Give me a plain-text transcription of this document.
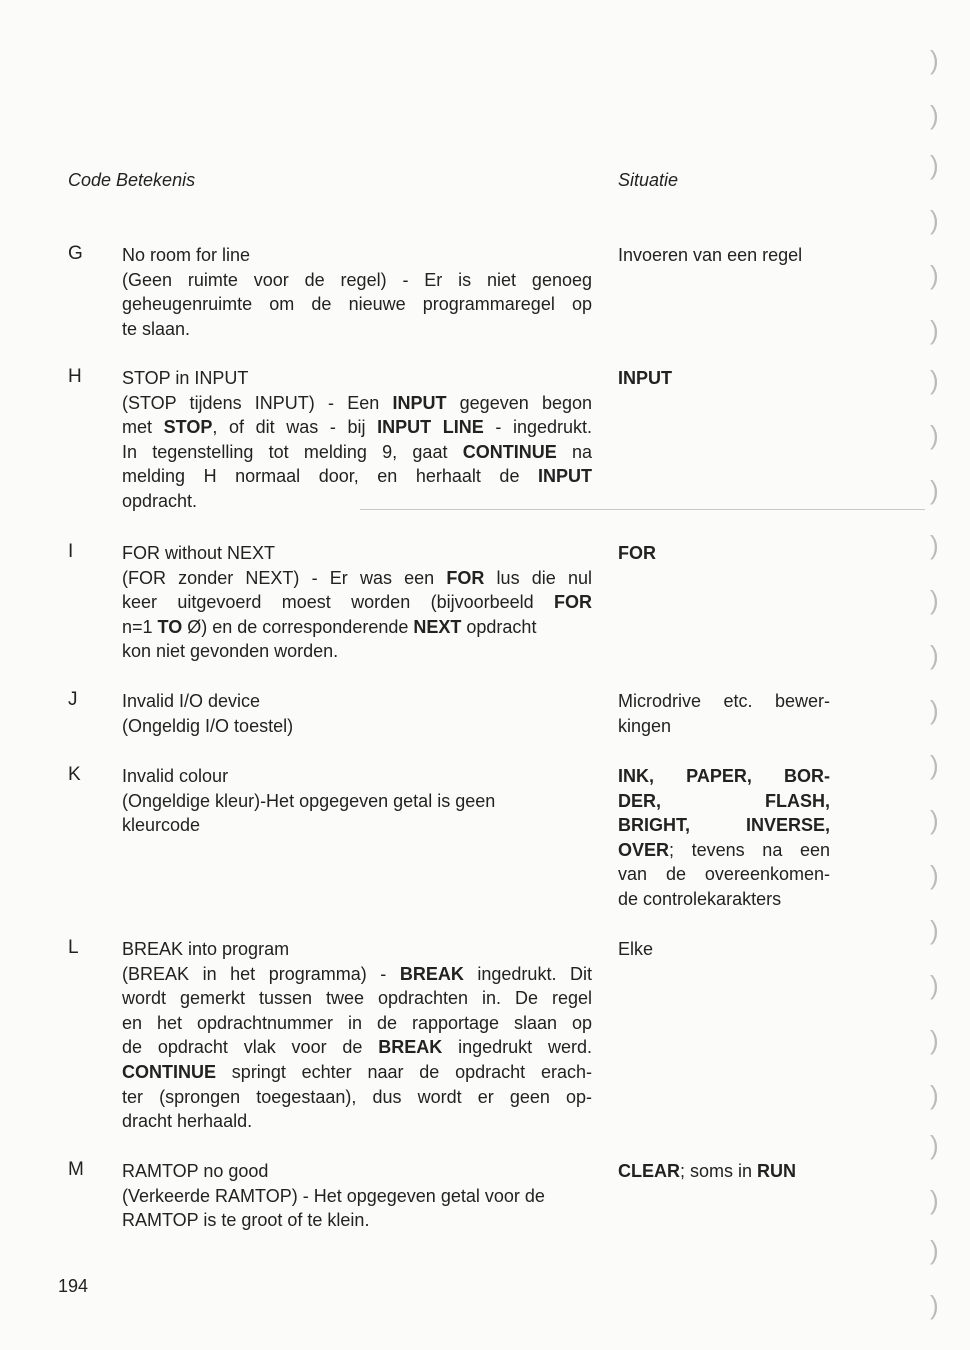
Code Betekenis	Situatie
G No room for line
(Geen ruimte voor de regel) - Er is niet genoeg
geheugenruimte om de nieuwe programmaregel op
te slaan.
Invoeren van een regel
H STOP in INPUT
(STOP tijdens INPUT) - Een INPUT gegeven begon
met STOP, of dit was - bij INPUT LINE - ingedrukt.
In tegenstelling tot melding 9, gaat CONTINUE na
melding H normaal door, en herhaalt de INPUT
opdracht.
INPUT
I	FOR without NEXT
(FOR zonder NEXT) - Er was een FOR lus die nul
keer uitgevoerd moest worden (bijvoorbeeld FOR
n=1 TO Ø) en de corresponderende NEXT opdracht
kon niet gevonden worden.
FOR
J Invalid I/O device
(Ongeldig I/O toestel)
Microdrive etc. bewer-
kingen
K Invalid colour
(Ongeldige kleur)-Het opgegeven getal is geen
kleurcode
INK, PAPER, BOR-
DER, FLASH,
BRIGHT, INVERSE,
OVER; tevens na een
van de overeenkomen-
de controlekarakters
L BREAK into program
(BREAK in het programma) - BREAK ingedrukt. Dit
wordt gemerkt tussen twee opdrachten in. De regel
en het opdrachtnummer in de rapportage slaan op
de opdracht vlak voor de BREAK ingedrukt werd.
CONTINUE springt echter naar de opdracht erach-
ter (sprongen toegestaan), dus wordt er geen op-
dracht herhaald.
Elke
M RAMTOP no good
(Verkeerde RAMTOP) - Het opgegeven getal voor de
RAMTOP is te groot of te klein.
CLEAR; soms in RUN
194
)
)
)
)
)
)
)
)
)
)
)
)
)
)
)
)
)
)
)
)
)
)
)
)
